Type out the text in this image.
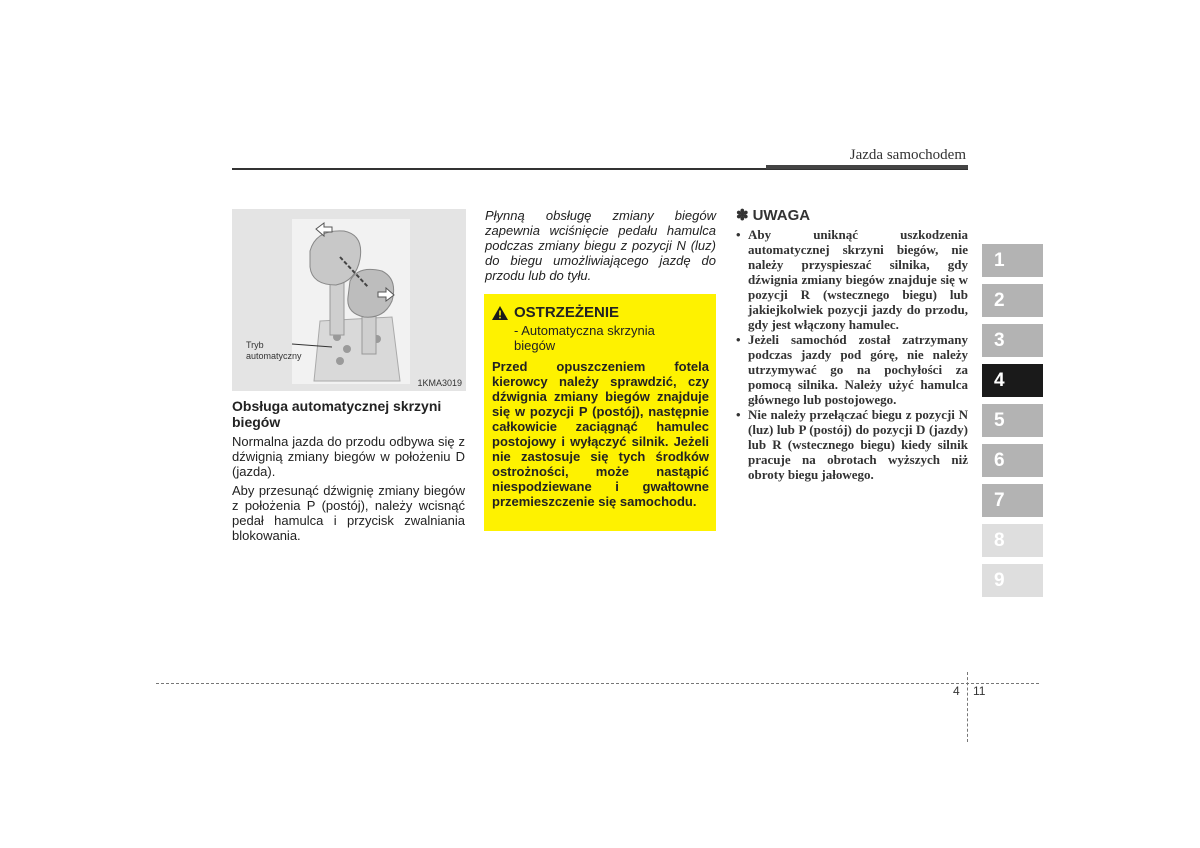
Jazda samochodem
Tryb
automatyczny
1KMA3019
Obsługa automatycznej skrzyni biegów

Normalna jazda do przodu odbywa się z dźwignią zmiany biegów w położeniu D (jazda).

Aby przesunąć dźwignię zmiany biegów z położenia P (postój), należy wcisnąć pedał hamulca i przycisk zwalniania blokowania.

Płynną obsługę zmiany biegów zapewnia wciśnięcie pedału hamulca podczas zmiany biegu z pozycji N (luz) do biegu umożliwiającego jazdę do przodu lub do tyłu.

OSTRZEŻENIE
- Automatyczna skrzynia biegów
Przed opuszczeniem fotela kierowcy należy sprawdzić, czy dźwignia zmiany biegów znajduje się w pozycji P (postój), następnie całkowicie zaciągnąć hamulec postojowy i wyłączyć silnik. Jeżeli nie zastosuje się tych środków ostrożności, może nastąpić niespodziewane i gwałtowne przemieszczenie się samochodu.
✽ UWAGA
• Aby uniknąć uszkodzenia automatycznej skrzyni biegów, nie należy przyspieszać silnika, gdy dźwignia zmiany biegów znajduje się w pozycji R (wstecznego biegu) lub jakiejkolwiek pozycji jazdy do przodu, gdy jest włączony hamulec.
• Jeżeli samochód został zatrzymany podczas jazdy pod górę, nie należy utrzymywać go na pochyłości za pomocą silnika. Należy użyć hamulca głównego lub postojowego.
• Nie należy przełączać biegu z pozycji N (luz) lub P (postój) do pozycji D (jazdy) lub R (wstecznego biegu) kiedy silnik pracuje na obrotach wyższych niż obroty biegu jałowego.
1
2
3
4
5
6
7
8
9
4 11
